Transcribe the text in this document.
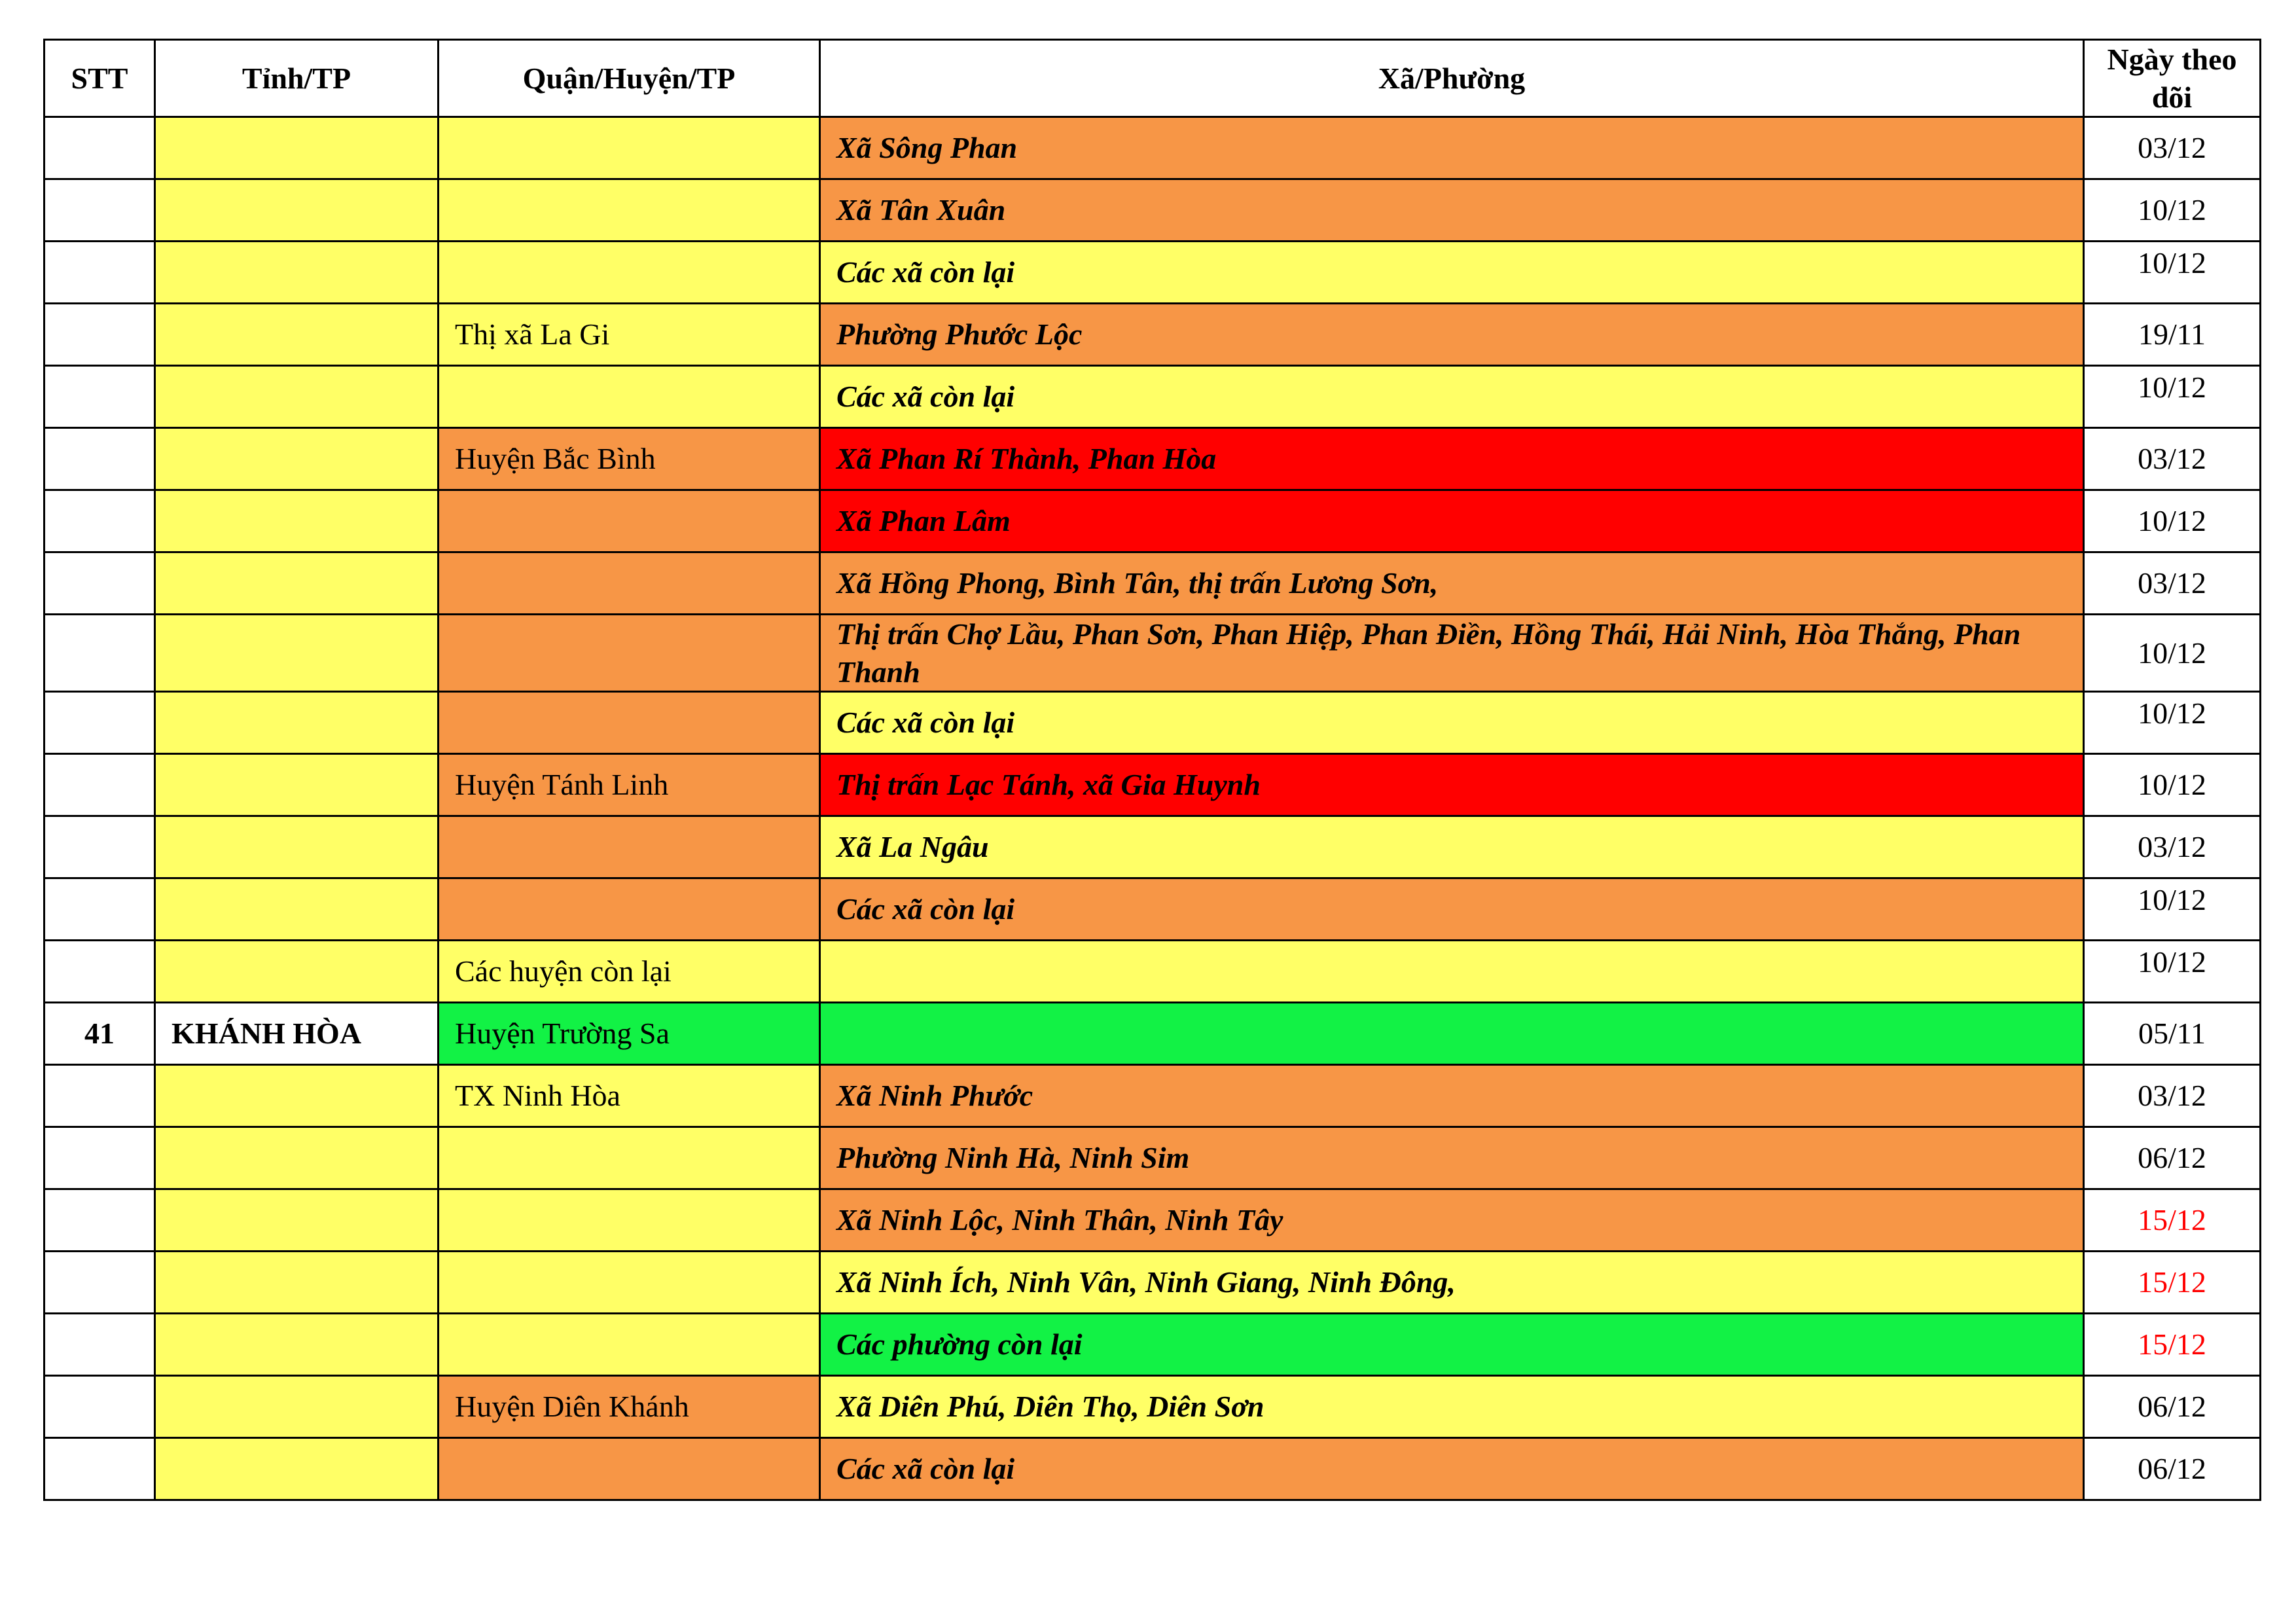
STT	Tỉnh/TP	Quận/Huyện/TP	Xã/Phường	Ngày theo dõi
			Xã Sông Phan	03/12
			Xã Tân Xuân	10/12
			Các xã còn lại	10/12
		Thị xã La Gi	Phường Phước Lộc	19/11
			Các xã còn lại	10/12
		Huyện Bắc Bình	Xã Phan Rí Thành, Phan Hòa	03/12
			Xã Phan Lâm	10/12
			Xã Hồng Phong, Bình Tân, thị trấn Lương Sơn,	03/12
			Thị trấn Chợ Lầu, Phan Sơn, Phan Hiệp, Phan Điền, Hồng Thái, Hải Ninh, Hòa Thắng, Phan Thanh	10/12
			Các xã còn lại	10/12
		Huyện Tánh Linh	Thị trấn Lạc Tánh, xã Gia Huynh	10/12
			Xã La Ngâu	03/12
			Các xã còn lại	10/12
		Các huyện còn lại		10/12
41	KHÁNH HÒA	Huyện Trường Sa		05/11
		TX Ninh Hòa	Xã Ninh Phước	03/12
			Phường Ninh Hà, Ninh Sim	06/12
			Xã Ninh Lộc, Ninh Thân, Ninh Tây	15/12
			Xã Ninh Ích, Ninh Vân, Ninh Giang, Ninh Đông,	15/12
			Các phường còn lại	15/12
		Huyện Diên Khánh	Xã Diên Phú, Diên Thọ, Diên Sơn	06/12
			Các xã còn lại	06/12
